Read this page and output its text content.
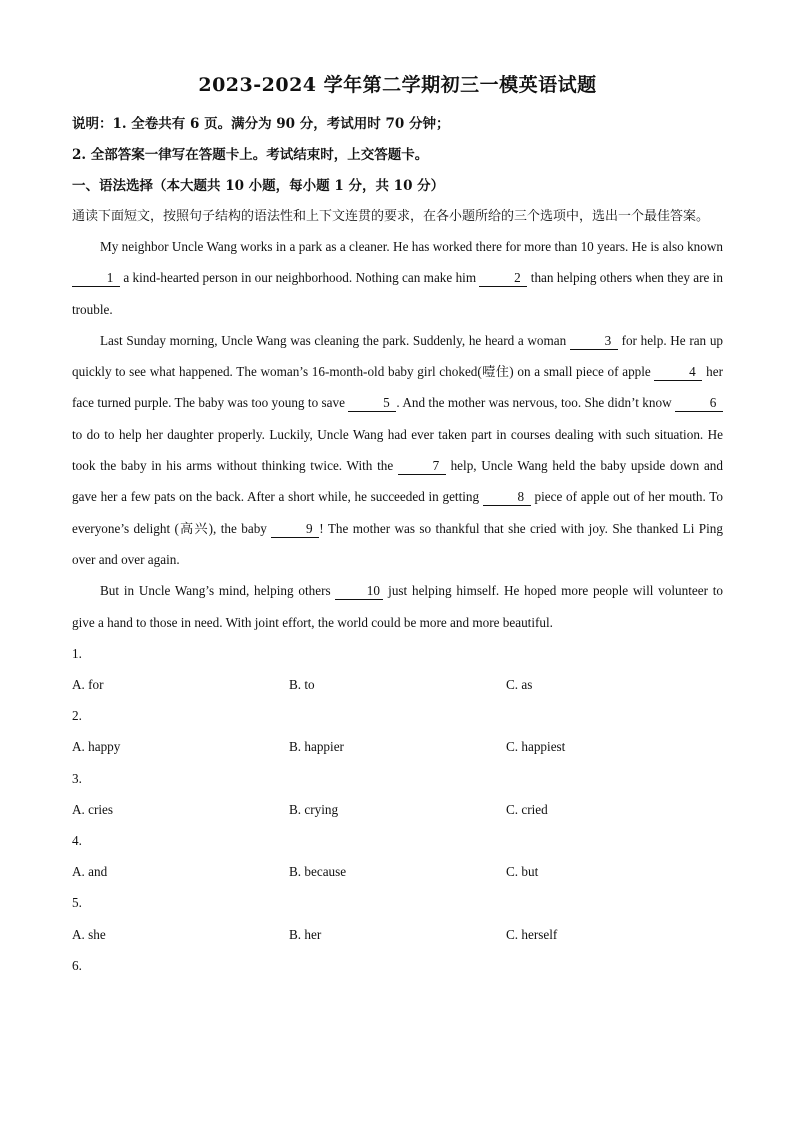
2023-2024 学年第二学期初三一模英语试题

说明：1. 全卷共有 6 页。满分为 90 分，考试用时 70 分钟；

2. 全部答案一律写在答题卡上。考试结束时，上交答题卡。

一、语法选择（本大题共 10 小题，每小题 1 分，共 10 分）

通读下面短文，按照句子结构的语法性和上下文连贯的要求，在各小题所给的三个选项中，选出一个最佳答案。

My neighbor Uncle Wang works in a park as a cleaner. He has worked there for more than 10 years. He is also known 1 a kind-hearted person in our neighborhood. Nothing can make him	2 than helping others when they are in trouble.

Last Sunday morning, Uncle Wang was cleaning the park. Suddenly, he heard a woman	3 for help. He ran up quickly to see what happened. The woman’s 16-month-old baby girl choked(噎住) on a small piece of apple	4 her face turned purple. The baby was too young to save	5 . And the mother was nervous, too. She didn’t know	6 to do to help her daughter properly. Luckily, Uncle Wang had ever taken part in courses dealing with such situation. He took the baby in his arms without thinking twice. With the	7 help, Uncle Wang held the baby upside down and gave her a few pats on the back. After a short while, he succeeded in getting	8 piece of apple out of her mouth. To everyone’s delight (高兴), the baby	9 ! The mother was so thankful that she cried with joy. She thanked Li Ping over and over again.

But in Uncle Wang’s mind, helping others 10 just helping himself. He hoped more people will volunteer to give a hand to those in need. With joint effort, the world could be more and more beautiful.

1.
A. for	B. to	C. as
2.
A. happy	B. happier	C. happiest
3.
A. cries	B. crying	C. cried
4.
A. and	B. because	C. but
5.
A. she	B. her	C. herself
6.
